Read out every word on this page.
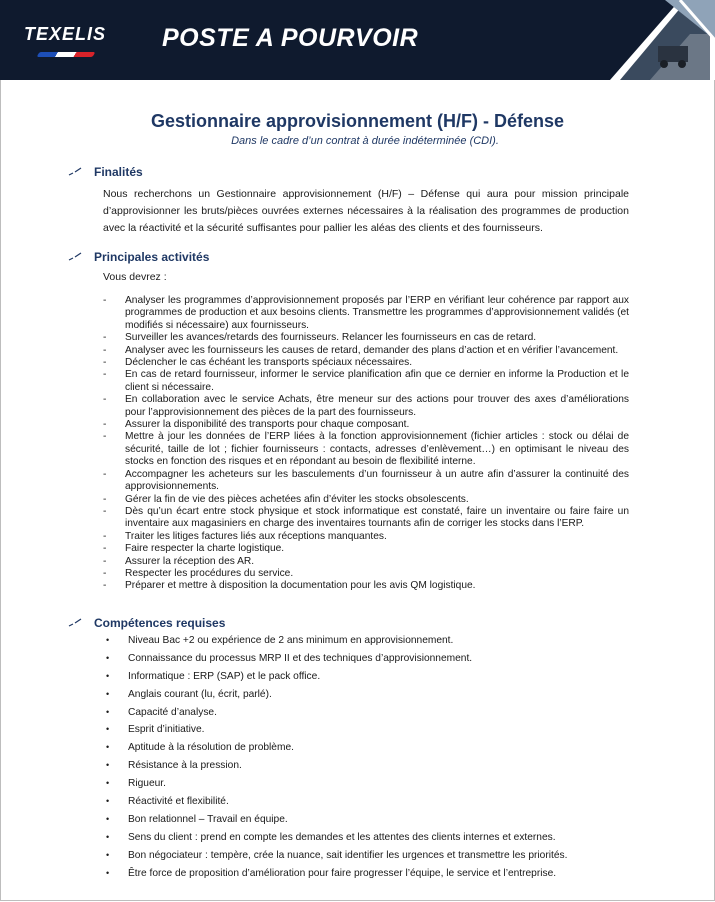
TEXELIS POSTE A POURVOIR
Gestionnaire approvisionnement (H/F) - Défense
Dans le cadre d’un contrat à durée indéterminée (CDI).
Finalités
Nous recherchons un Gestionnaire approvisionnement (H/F) – Défense qui aura pour mission principale d’approvisionner les bruts/pièces ouvrées externes nécessaires à la réalisation des programmes de production avec la réactivité et la sécurité suffisantes pour pallier les aléas des clients et des fournisseurs.
Principales activités
Vous devrez :
- Analyser les programmes d’approvisionnement proposés par l’ERP en vérifiant leur cohérence par rapport aux programmes de production et aux besoins clients. Transmettre les programmes d’approvisionnement validés (et modifiés si nécessaire) aux fournisseurs.
- Surveiller les avances/retards des fournisseurs. Relancer les fournisseurs en cas de retard.
- Analyser avec les fournisseurs les causes de retard, demander des plans d’action et en vérifier l’avancement.
- Déclencher le cas échéant les transports spéciaux nécessaires.
- En cas de retard fournisseur, informer le service planification afin que ce dernier en informe la Production et le client si nécessaire.
- En collaboration avec le service Achats, être meneur sur des actions pour trouver des axes d’améliorations pour l’approvisionnement des pièces de la part des fournisseurs.
- Assurer la disponibilité des transports pour chaque composant.
- Mettre à jour les données de l’ERP liées à la fonction approvisionnement (fichier articles : stock ou délai de sécurité, taille de lot ; fichier fournisseurs : contacts, adresses d’enlèvement…) en optimisant le niveau des stocks en fonction des risques et en répondant au besoin de flexibilité interne.
- Accompagner les acheteurs sur les basculements d’un fournisseur à un autre afin d’assurer la continuité des approvisionnements.
- Gérer la fin de vie des pièces achetées afin d’éviter les stocks obsolescents.
- Dès qu’un écart entre stock physique et stock informatique est constaté, faire un inventaire ou faire faire un inventaire aux magasiniers en charge des inventaires tournants afin de corriger les stocks dans l’ERP.
- Traiter les litiges factures liés aux réceptions manquantes.
- Faire respecter la charte logistique.
- Assurer la réception des AR.
- Respecter les procédures du service.
- Préparer et mettre à disposition la documentation pour les avis QM logistique.
Compétences requises
• Niveau Bac +2 ou expérience de 2 ans minimum en approvisionnement.
• Connaissance du processus MRP II et des techniques d’approvisionnement.
• Informatique : ERP (SAP) et le pack office.
• Anglais courant (lu, écrit, parlé).
• Capacité d’analyse.
• Esprit d’initiative.
• Aptitude à la résolution de problème.
• Résistance à la pression.
• Rigueur.
• Réactivité et flexibilité.
• Bon relationnel – Travail en équipe.
• Sens du client : prend en compte les demandes et les attentes des clients internes et externes.
• Bon négociateur : tempère, crée la nuance, sait identifier les urgences et transmettre les priorités.
• Être force de proposition d’amélioration pour faire progresser l’équipe, le service et l’entreprise.
